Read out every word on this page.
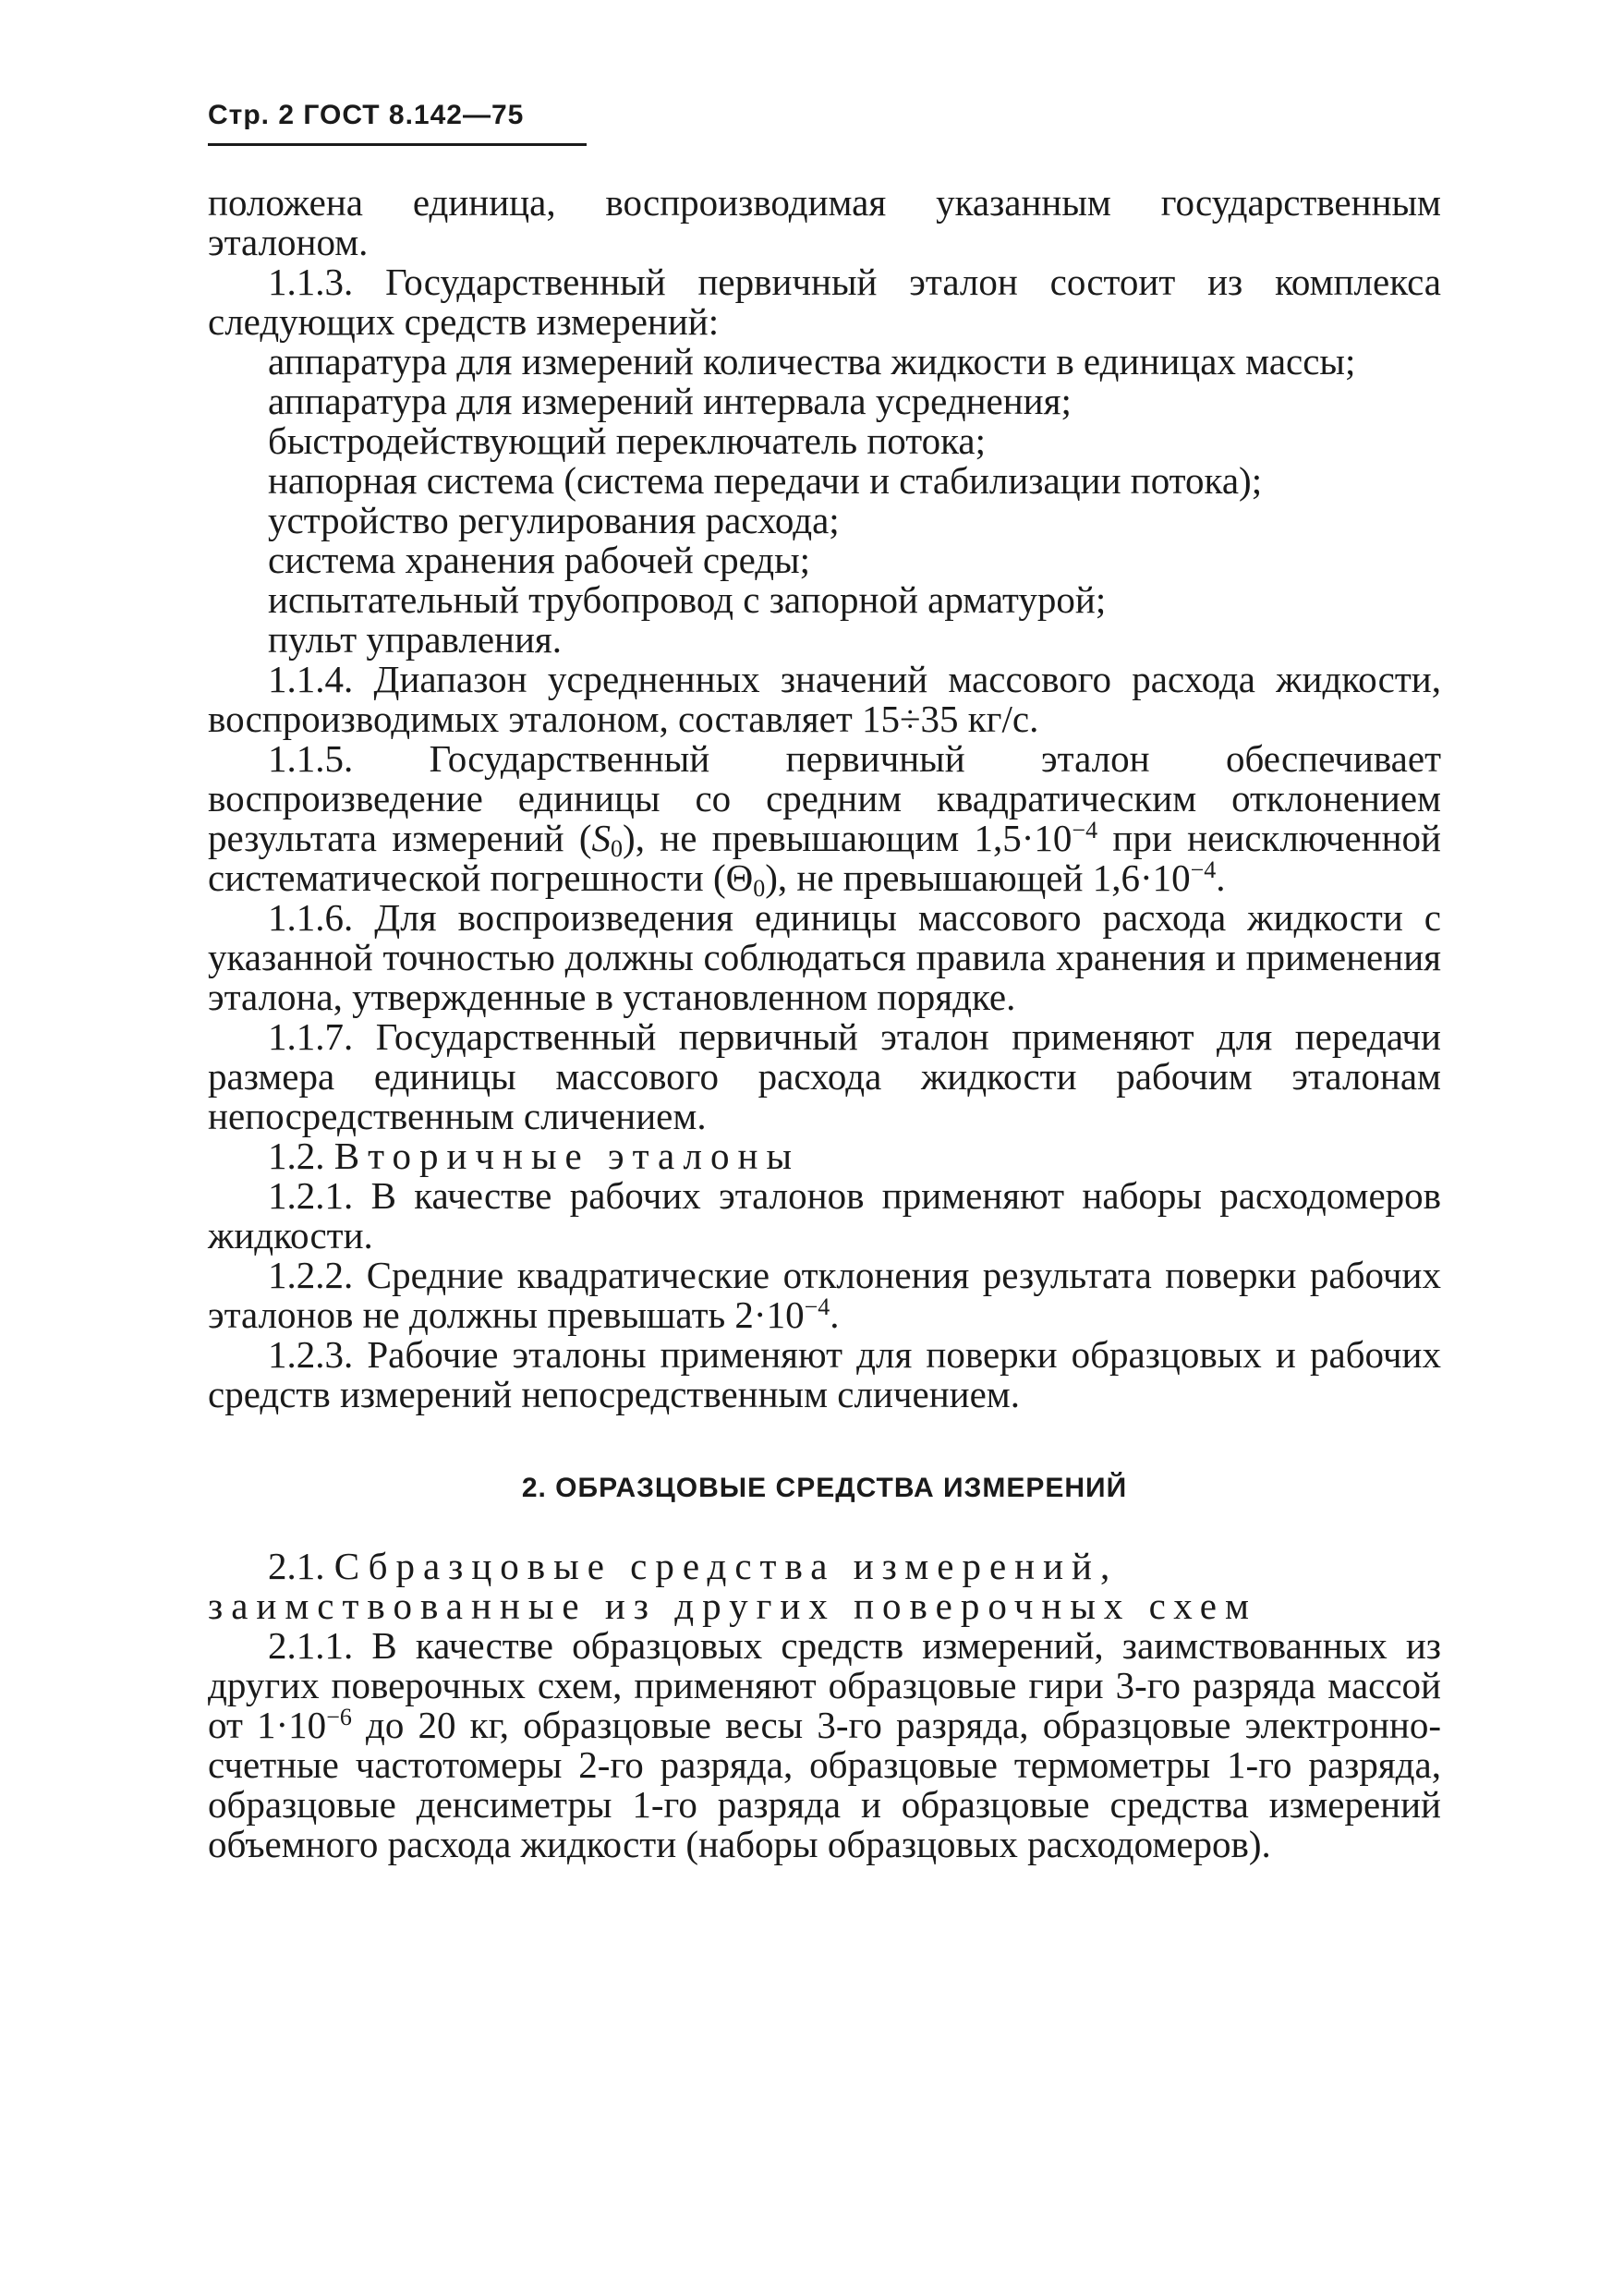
Стр. 2 ГОСТ 8.142—75

положена единица, воспроизводимая указанным государственным эталоном.

1.1.3. Государственный первичный эталон состоит из комплекса следующих средств измерений:

аппаратура для измерений количества жидкости в единицах массы;

аппаратура для измерений интервала усреднения;

быстродействующий переключатель потока;

напорная система (система передачи и стабилизации потока);

устройство регулирования расхода;

система хранения рабочей среды;

испытательный трубопровод с запорной арматурой;

пульт управления.

1.1.4. Диапазон усредненных значений массового расхода жидкости, воспроизводимых эталоном, составляет 15÷35 кг/с.

1.1.5. Государственный первичный эталон обеспечивает воспроизведение единицы со средним квадратическим отклонением результата измерений $(S_0)$, не превышающим $1,5\cdot 10^{-4}$ при неисключенной систематической погрешности $(\Theta_0)$, не превышающей $1,6\cdot 10^{-4}$.

1.1.6. Для воспроизведения единицы массового расхода жидкости с указанной точностью должны соблюдаться правила хранения и применения эталона, утвержденные в установленном порядке.

1.1.7. Государственный первичный эталон применяют для передачи размера единицы массового расхода жидкости рабочим эталонам непосредственным сличением.

1.2. Вторичные эталоны

1.2.1. В качестве рабочих эталонов применяют наборы расходомеров жидкости.

1.2.2. Средние квадратические отклонения результата поверки рабочих эталонов не должны превышать $2\cdot 10^{-4}$.

1.2.3. Рабочие эталоны применяют для поверки образцовых и рабочих средств измерений непосредственным сличением.

2. ОБРАЗЦОВЫЕ СРЕДСТВА ИЗМЕРЕНИЙ

2.1. Сбразцовые средства измерений, заимствованные из других поверочных схем

2.1.1. В качестве образцовых средств измерений, заимствованных из других поверочных схем, применяют образцовые гири 3-го разряда массой от $1\cdot 10^{-6}$ до 20 кг, образцовые весы 3-го разряда, образцовые электронно-счетные частотомеры 2-го разряда, образцовые термометры 1-го разряда, образцовые денсиметры 1-го разряда и образцовые средства измерений объемного расхода жидкости (наборы образцовых расходомеров).
